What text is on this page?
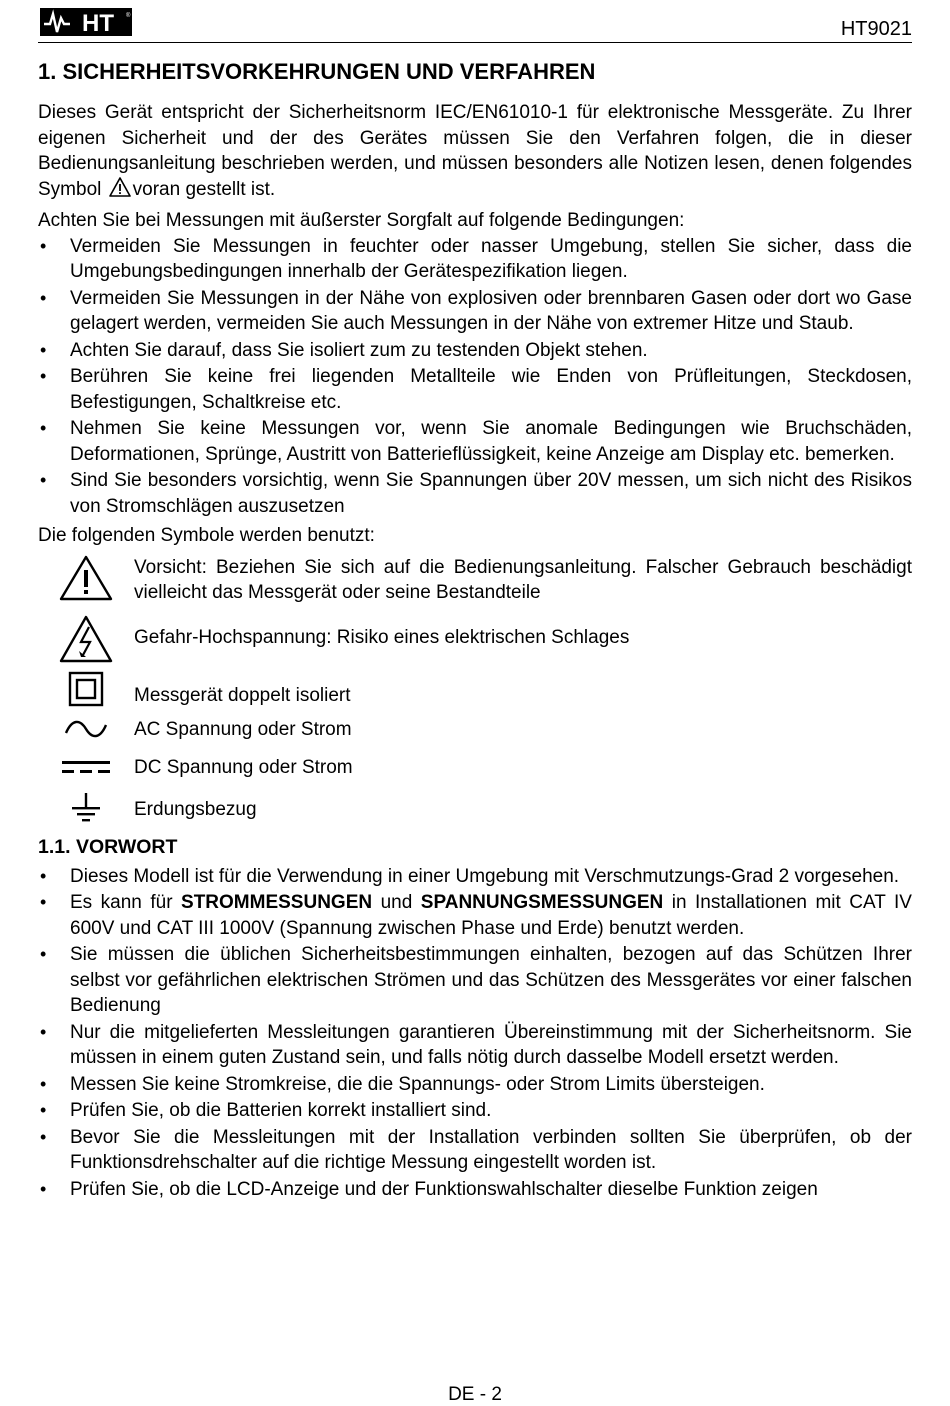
HT ®
HT9021
1. SICHERHEITSVORKEHRUNGEN UND VERFAHREN

Dieses Gerät entspricht der Sicherheitsnorm IEC/EN61010-1 für elektronische Messgeräte. Zu Ihrer eigenen Sicherheit und der des Gerätes müssen Sie den Verfahren folgen, die in dieser Bedienungsanleitung beschrieben werden, und müssen besonders alle Notizen lesen, denen folgendes Symbol voran gestellt ist.

Achten Sie bei Messungen mit äußerster Sorgfalt auf folgende Bedingungen:

• Vermeiden Sie Messungen in feuchter oder nasser Umgebung, stellen Sie sicher, dass die Umgebungsbedingungen innerhalb der Gerätespezifikation liegen.
• Vermeiden Sie Messungen in der Nähe von explosiven oder brennbaren Gasen oder dort wo Gase gelagert werden, vermeiden Sie auch Messungen in der Nähe von extremer Hitze und Staub.
• Achten Sie darauf, dass Sie isoliert zum zu testenden Objekt stehen.
• Berühren Sie keine frei liegenden Metallteile wie Enden von Prüfleitungen, Steckdosen, Befestigungen, Schaltkreise etc.
• Nehmen Sie keine Messungen vor, wenn Sie anomale Bedingungen wie Bruchschäden, Deformationen, Sprünge, Austritt von Batterieflüssigkeit, keine Anzeige am Display etc. bemerken.
• Sind Sie besonders vorsichtig, wenn Sie Spannungen über 20V messen, um sich nicht des Risikos von Stromschlägen auszusetzen

Die folgenden Symbole werden benutzt:

Vorsicht: Beziehen Sie sich auf die Bedienungsanleitung. Falscher Gebrauch beschädigt vielleicht das Messgerät oder seine Bestandteile
Gefahr-Hochspannung: Risiko eines elektrischen Schlages
Messgerät doppelt isoliert
AC Spannung oder Strom
DC Spannung oder Strom
Erdungsbezug
1.1. VORWORT
• Dieses Modell ist für die Verwendung in einer Umgebung mit Verschmutzungs-Grad 2 vorgesehen.
• Es kann für STROMMESSUNGEN und SPANNUNGSMESSUNGEN in Installationen mit CAT IV 600V und CAT III 1000V (Spannung zwischen Phase und Erde) benutzt werden.
• Sie müssen die üblichen Sicherheitsbestimmungen einhalten, bezogen auf das Schützen Ihrer selbst vor gefährlichen elektrischen Strömen und das Schützen des Messgerätes vor einer falschen Bedienung
• Nur die mitgelieferten Messleitungen garantieren Übereinstimmung mit der Sicherheitsnorm. Sie müssen in einem guten Zustand sein, und falls nötig durch dasselbe Modell ersetzt werden.
• Messen Sie keine Stromkreise, die die Spannungs- oder Strom Limits übersteigen.
• Prüfen Sie, ob die Batterien korrekt installiert sind.
• Bevor Sie die Messleitungen mit der Installation verbinden sollten Sie überprüfen, ob der Funktionsdrehschalter auf die richtige Messung eingestellt worden ist.
• Prüfen Sie, ob die LCD-Anzeige und der Funktionswahlschalter dieselbe Funktion zeigen
DE - 2
